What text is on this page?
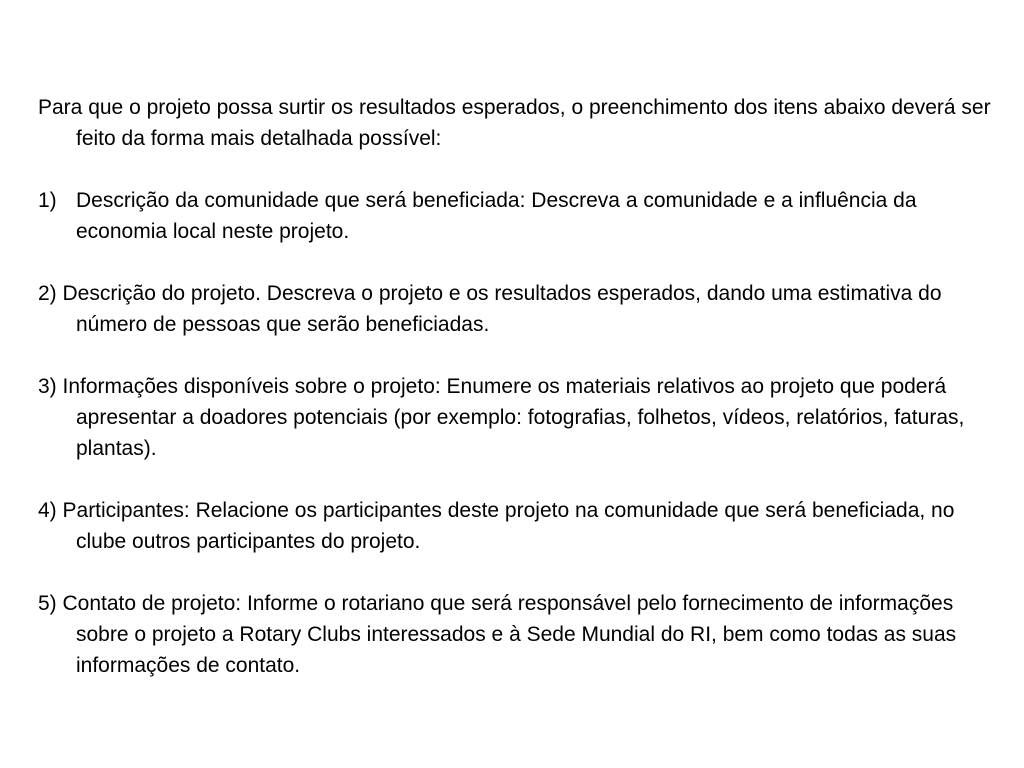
Para que o projeto possa surtir os resultados esperados, o preenchimento dos itens abaixo deverá ser feito da forma mais detalhada possível:

1) Descrição da comunidade que será beneficiada: Descreva a comunidade e a influência da economia local neste projeto.

2) Descrição do projeto. Descreva o projeto e os resultados esperados, dando uma estimativa do número de pessoas que serão beneficiadas.

3) Informações disponíveis sobre o projeto: Enumere os materiais relativos ao projeto que poderá apresentar a doadores potenciais (por exemplo: fotografias, folhetos, vídeos, relatórios, faturas, plantas).

4) Participantes: Relacione os participantes deste projeto na comunidade que será beneficiada, no clube outros participantes do projeto.

5) Contato de projeto: Informe o rotariano que será responsável pelo fornecimento de informações sobre o projeto a Rotary Clubs interessados e à Sede Mundial do RI, bem como todas as suas informações de contato.
